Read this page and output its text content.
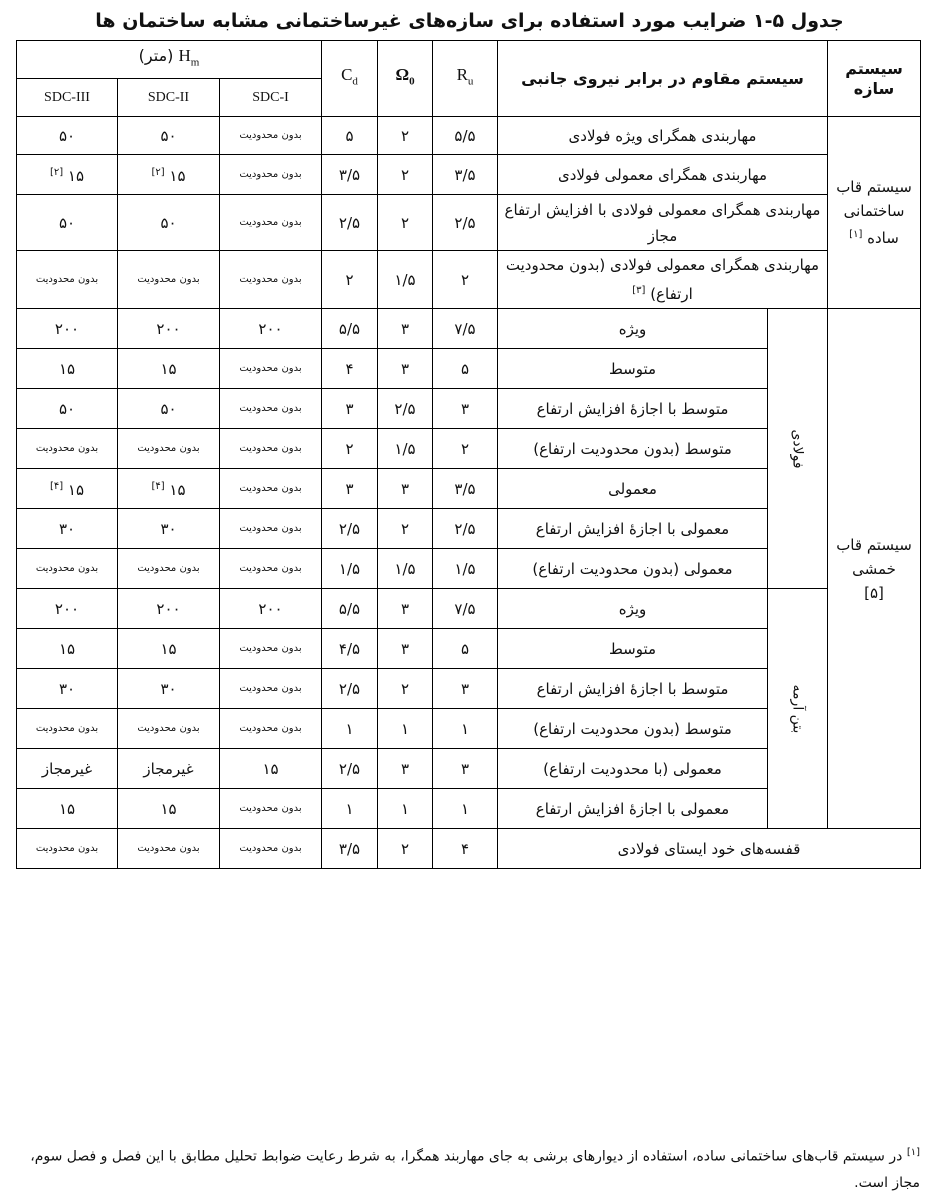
جدول ۵-۱ ضرایب مورد استفاده برای سازه‌های غیرساختمانی مشابه ساختمان ها
سیستم سازه	سیستم مقاوم در برابر نیروی جانبی		$R_u$	$\Omega_0$	$C_d$	$H_m$ (متر)		
						SDC-I	SDC-II	SDC-III
سیستم قاب ساختمانی ساده [۱]	مهاربندی همگرای ویژه فولادی		۵/۵	۲	۵	بدون محدودیت	۵۰	۵۰
	مهاربندی همگرای معمولی فولادی		۳/۵	۲	۳/۵	بدون محدودیت	۱۵ [۲]	۱۵ [۲]
	مهاربندی همگرای معمولی فولادی با افزایش ارتفاع مجاز		۲/۵	۲	۲/۵	بدون محدودیت	۵۰	۵۰
	مهاربندی همگرای معمولی فولادی (بدون محدودیت ارتفاع) [۳]		۲	۱/۵	۲	بدون محدودیت	بدون محدودیت	بدون محدودیت
سیستم قاب خمشی
[۵]	فولادی	ویژه	۷/۵	۳	۵/۵	۲۰۰	۲۰۰	۲۰۰
		متوسط	۵	۳	۴	بدون محدودیت	۱۵	۱۵
		متوسط با اجازۀ افزایش ارتفاع	۳	۲/۵	۳	بدون محدودیت	۵۰	۵۰
		متوسط (بدون محدودیت ارتفاع)	۲	۱/۵	۲	بدون محدودیت	بدون محدودیت	بدون محدودیت
		معمولی	۳/۵	۳	۳	بدون محدودیت	۱۵ [۴]	۱۵ [۴]
		معمولی با اجازۀ افزایش ارتفاع	۲/۵	۲	۲/۵	بدون محدودیت	۳۰	۳۰
		معمولی (بدون محدودیت ارتفاع)	۱/۵	۱/۵	۱/۵	بدون محدودیت	بدون محدودیت	بدون محدودیت
	بتن آرمه	ویژه	۷/۵	۳	۵/۵	۲۰۰	۲۰۰	۲۰۰
		متوسط	۵	۳	۴/۵	بدون محدودیت	۱۵	۱۵
		متوسط با اجازۀ افزایش ارتفاع	۳	۲	۲/۵	بدون محدودیت	۳۰	۳۰
		متوسط (بدون محدودیت ارتفاع)	۱	۱	۱	بدون محدودیت	بدون محدودیت	بدون محدودیت
		معمولی (با محدودیت ارتفاع)	۳	۳	۲/۵	۱۵	غیرمجاز	غیرمجاز
		معمولی با اجازۀ افزایش ارتفاع	۱	۱	۱	بدون محدودیت	۱۵	۱۵
قفسه‌های خود ایستای فولادی			۴	۲	۳/۵	بدون محدودیت	بدون محدودیت	بدون محدودیت
[۱] در سیستم قاب‌های ساختمانی ساده، استفاده از دیوارهای برشی به جای مهاربند همگرا، به شرط رعایت ضوابط تحلیل مطابق با این فصل و فصل سوم، مجاز است.
